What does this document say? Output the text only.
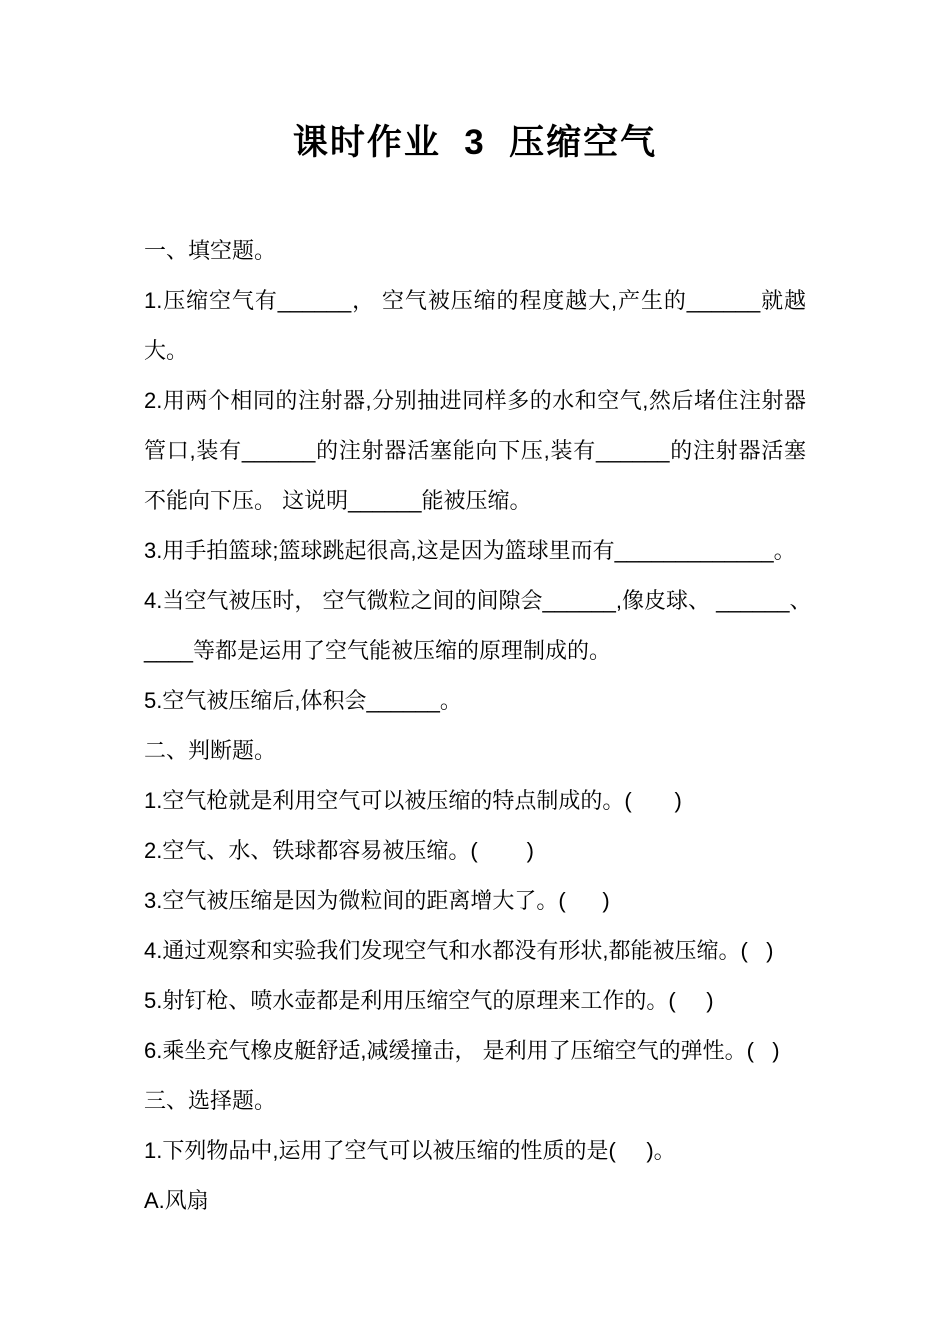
课时作业  3  压缩空气
一、填空题。
1.压缩空气有______， 空气被压缩的程度越大,产生的______就越
大。
2.用两个相同的注射器,分别抽进同样多的水和空气,然后堵住注射器
管口,装有______的注射器活塞能向下压,装有______的注射器活塞
不能向下压。 这说明______能被压缩。
3.用手拍篮球;篮球跳起很高,这是因为篮球里而有_____________。
4.当空气被压时， 空气微粒之间的间隙会______,像皮球、 ______、
____等都是运用了空气能被压缩的原理制成的。
5.空气被压缩后,体积会______。
二、判断题。
1.空气枪就是利用空气可以被压缩的特点制成的。(       )
2.空气、水、铁球都容易被压缩。(        )
3.空气被压缩是因为微粒间的距离增大了。(      )
4.通过观察和实验我们发现空气和水都没有形状,都能被压缩。(   )
5.射钉枪、喷水壶都是利用压缩空气的原理来工作的。(     )
6.乘坐充气橡皮艇舒适,减缓撞击， 是利用了压缩空气的弹性。(   )
三、选择题。
1.下列物品中,运用了空气可以被压缩的性质的是(     )。
A.风扇
